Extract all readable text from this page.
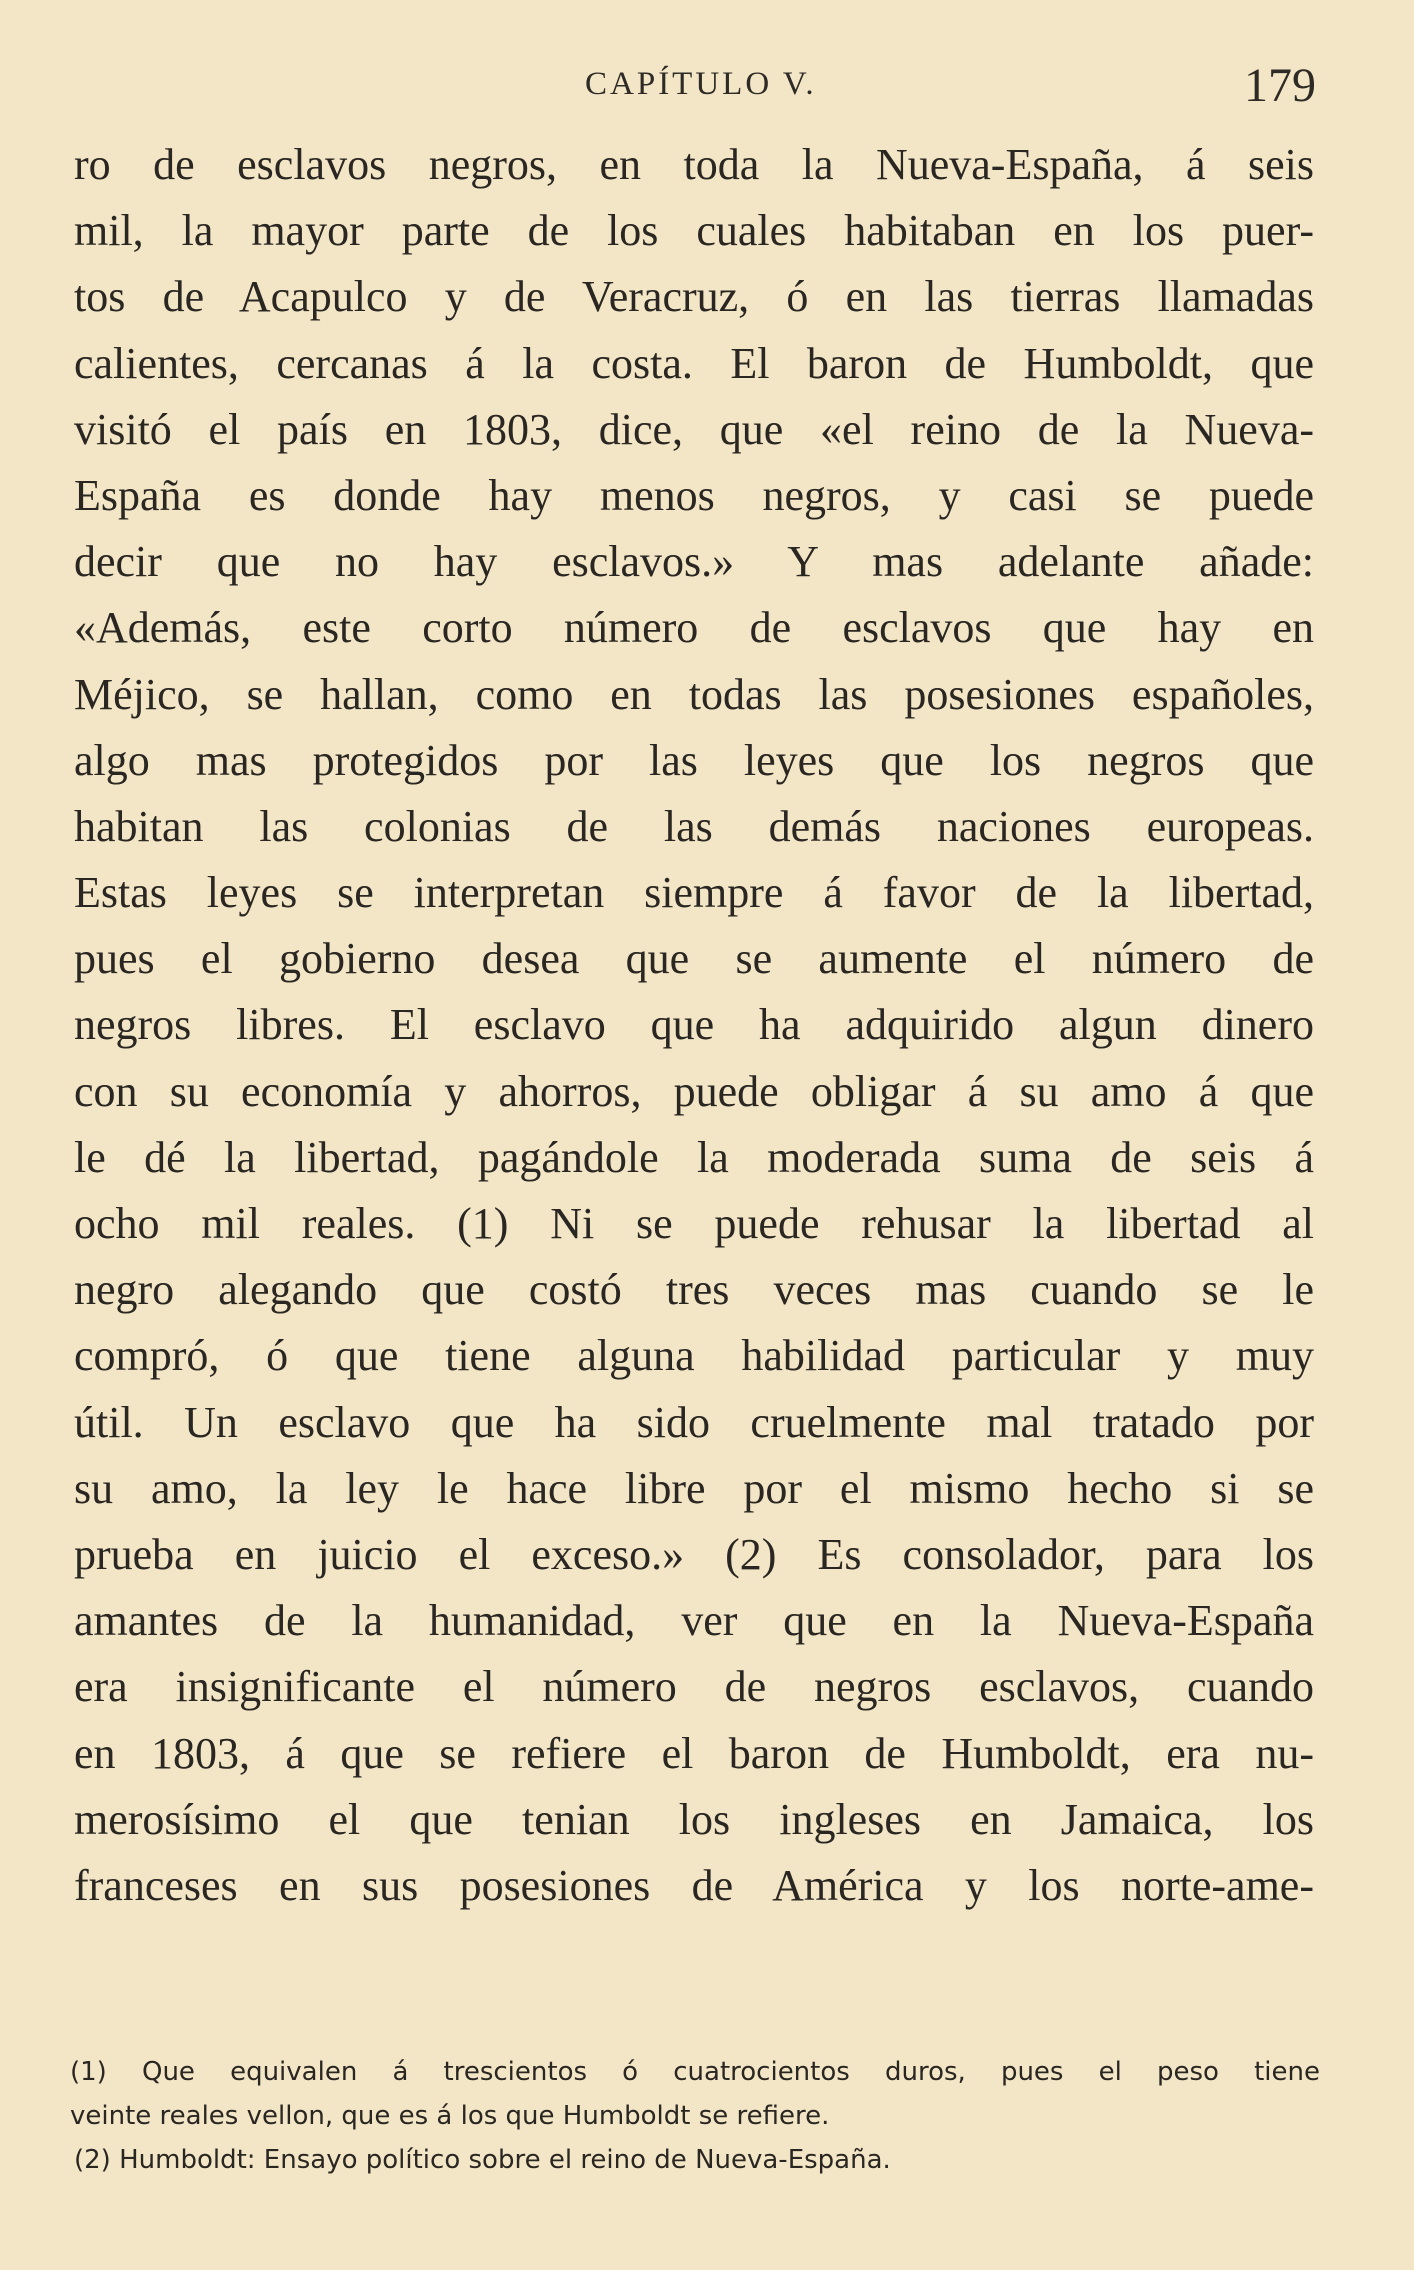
CAPÍTULO V.	179
ro de esclavos negros, en toda la Nueva-España, á seis
mil, la mayor parte de los cuales habitaban en los puer-
tos de Acapulco y de Veracruz, ó en las tierras llamadas
calientes, cercanas á la costa. El baron de Humboldt, que
visitó el país en 1803, dice, que «el reino de la Nueva-
España es donde hay menos negros, y casi se puede
decir que no hay esclavos.» Y mas adelante añade:
«Además, este corto número de esclavos que hay en
Méjico, se hallan, como en todas las posesiones españoles,
algo mas protegidos por las leyes que los negros que
habitan las colonias de las demás naciones europeas.
Estas leyes se interpretan siempre á favor de la libertad,
pues el gobierno desea que se aumente el número de
negros libres. El esclavo que ha adquirido algun dinero
con su economía y ahorros, puede obligar á su amo á que
le dé la libertad, pagándole la moderada suma de seis á
ocho mil reales. (1) Ni se puede rehusar la libertad al
negro alegando que costó tres veces mas cuando se le
compró, ó que tiene alguna habilidad particular y muy
útil. Un esclavo que ha sido cruelmente mal tratado por
su amo, la ley le hace libre por el mismo hecho si se
prueba en juicio el exceso.» (2) Es consolador, para los
amantes de la humanidad, ver que en la Nueva-España
era insignificante el número de negros esclavos, cuando
en 1803, á que se refiere el baron de Humboldt, era nu-
merosísimo el que tenian los ingleses en Jamaica, los
franceses en sus posesiones de América y los norte-ame-
(1) Que equivalen á trescientos ó cuatrocientos duros, pues el peso tiene
veinte reales vellon, que es á los que Humboldt se refiere.
(2) Humboldt: Ensayo político sobre el reino de Nueva-España.
